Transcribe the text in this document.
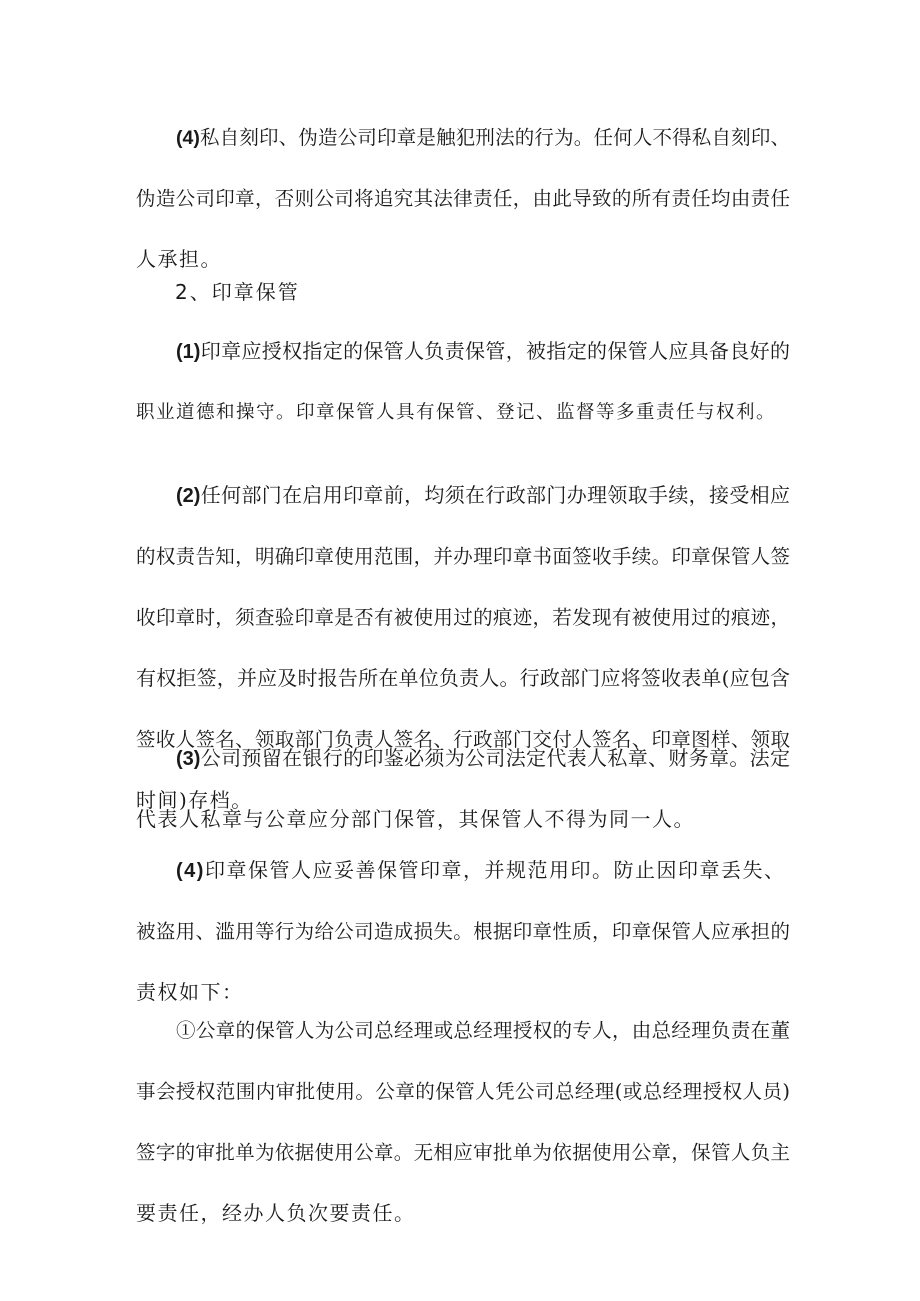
(4)私自刻印、伪造公司印章是触犯刑法的行为。任何人不得私自刻印、
伪造公司印章，否则公司将追究其法律责任，由此导致的所有责任均由责任
人承担。
2、印章保管
(1)印章应授权指定的保管人负责保管，被指定的保管人应具备良好的
职业道德和操守。印章保管人具有保管、登记、监督等多重责任与权利。
(2)任何部门在启用印章前，均须在行政部门办理领取手续，接受相应
的权责告知，明确印章使用范围，并办理印章书面签收手续。印章保管人签
收印章时，须查验印章是否有被使用过的痕迹，若发现有被使用过的痕迹，
有权拒签，并应及时报告所在单位负责人。行政部门应将签收表单(应包含
签收人签名、领取部门负责人签名、行政部门交付人签名、印章图样、领取
时间)存档。
(3)公司预留在银行的印鉴必须为公司法定代表人私章、财务章。法定
代表人私章与公章应分部门保管，其保管人不得为同一人。
(4)印章保管人应妥善保管印章，并规范用印。防止因印章丢失、
被盗用、滥用等行为给公司造成损失。根据印章性质，印章保管人应承担的
责权如下：
①公章的保管人为公司总经理或总经理授权的专人，由总经理负责在董
事会授权范围内审批使用。公章的保管人凭公司总经理(或总经理授权人员)
签字的审批单为依据使用公章。无相应审批单为依据使用公章，保管人负主
要责任，经办人负次要责任。
